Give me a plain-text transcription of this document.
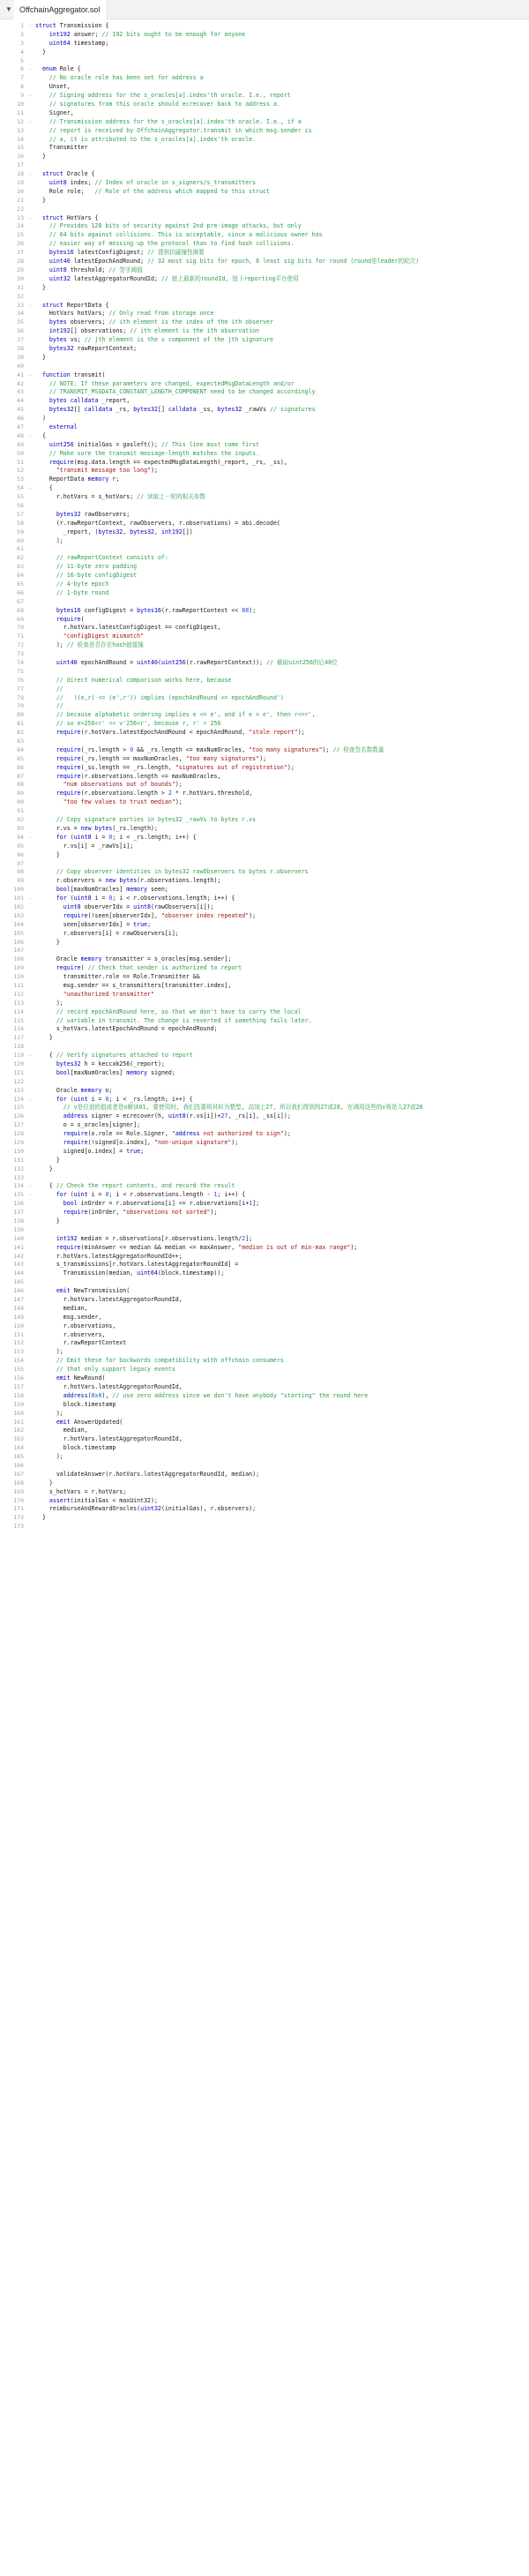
▼ OffchainAggregator.sol
1
2
3
4
5
6
7
8
9
10
11
12
13
14
15
16
17
18
19
20
21
22
23
24
25
26
27
28
29
30
31
32
33
34
35
36
37
38
39
40
41
42
43
44
45
46
47
48
49
50
51
52
53
54
55
56
57
58
59
60
61
62
63
64
65
66
67
68
69
70
71
72
73
74
75
76
77
78
79
80
81
82
83
84
85
86
87
88
89
90
91
92
93
94
95
96
97
98
99
100
101
102
103
104
105
106
107
108
109
110
111
112
113
114
115
116
117
118
119
120
121
122
123
124
125
126
127
128
129
130
131
132
133
134
135
136
137
138
139
140
141
142
143
144
145
146
147
148
149
150
151
152
153
154
155
156
157
158
159
160
161
162
163
164
165
166
167
168
169
170
171
172
173
-
-
-
-
-
-
-
-
-
-
-
-
-
-
-
-
struct Transmission {
int192 answer; // 192 bits ought to be enough for anyone
uint64 timestamp;
}

enum Role {
// No oracle role has been set for address a
Unset,
// Signing address for the s_oracles[a].index'th oracle. I.e., report
// signatures from this oracle should ecrecover back to address a.
Signer,
// Transmission address for the s_oracles[a].index'th oracle. I.e., if a
// report is received by OffchainAggregator.transmit in which msg.sender is
// a, it is attributed to the s_oracles[a].index'th oracle.
Transmitter
}

struct Oracle {
uint8 index; // Index of oracle in s_signers/s_transmitters
Role role;   // Role of the address which mapped to this struct
}

struct HotVars {
// Provides 128 bits of security against 2nd pre-image attacks, but only
// 64 bits against collisions. This is acceptable, since a malicious owner has
// easier way of messing up the protocol than to find hash collisions.
bytes16 latestConfigDigest; // 提供抗碰撞性摘要
uint40 latestEpochAndRound; // 32 most sig bits for epoch, 8 least sig bits for round (round是leader的轮次)
uint8 threshold; // 签字阈值
uint32 latestAggregatorRoundId; // 链上最新的roundId, 链下reporting平台使用
}

struct ReportData {
HotVars hotVars; // Only read from storage once
bytes observers; // ith element is the index of the ith observer
int192[] observations; // ith element is the ith observation
bytes vs; // jth element is the v component of the jth signature
bytes32 rawReportContext;
}

function transmit(
// NOTE: If these parameters are changed, expectedMsgDataLength and/or
// TRANSMIT_MSGDATA_CONSTANT_LENGTH_COMPONENT need to be changed accordingly
bytes calldata _report,
bytes32[] calldata _rs, bytes32[] calldata _ss, bytes32 _rawVs // signatures
)
external
{
uint256 initialGas = gasleft(); // This line must come first
// Make sure the transmit message-length matches the inputs.
require(msg.data.length == expectedMsgDataLength(_report, _rs, _ss),
"transmit message too long");
ReportData memory r;
{
r.hotVars = s_hotVars; // 读取上一轮的相关参数

bytes32 rawObservers;
(r.rawReportContext, rawObservers, r.observations) = abi.decode(
_report, (bytes32, bytes32, int192[])
);

// rawReportContext consists of:
// 11-byte zero padding
// 16-byte configDigest
// 4-byte epoch
// 1-byte round

bytes16 configDigest = bytes16(r.rawReportContext << 88);
require(
r.hotVars.latestConfigDigest == configDigest,
"configDigest mismatch"
); // 检查是否存在hash链接撞

uint40 epochAndRound = uint40(uint256(r.rawReportContext)); // 截取uint256的后40位

// direct numerical comparison works here, because
//
//   ((e,r) <= (e',r')) implies (epochAndRound <= epochAndRound')
//
// because alphabetic ordering implies e <= e', and if e = e', then r<=r',
// so e>256<r' << v'256<r', because r, r' < 256
require(r.hotVars.latestEpochAndRound < epochAndRound, "stale report");

require(_rs.length > 0 && _rs.length <= maxNumOracles, "too many signatures"); // 检查签名数数量
require(_rs.length == maxNumOracles, "too many signatures");
require(_ss.length == _rs.length, "signatures out of registration");
require(r.observations.length <= maxNumOracles,
"num observations out of bounds");
require(r.observations.length > 2 * r.hotVars.threshold,
"too few values to trust median");

// Copy signature parties in bytes32 _rawVs to bytes r.vs
r.vs = new bytes(_rs.length);
for (uint8 i = 0; i < _rs.length; i++) {
r.vs[i] = _rawVs[i];
}

// Copy observer identities in bytes32 rawObservers to bytes r.observers
r.observers = new bytes(r.observations.length);
bool[maxNumOracles] memory seen;
for (uint8 i = 0; i < r.observations.length; i++) {
uint8 observerIdx = uint8(rawObservers[i]);
require(!seen[observerIdx], "observer index repeated");
seen[observerIdx] = true;
r.observers[i] = rawObservers[i];
}

Oracle memory transmitter = s_oracles[msg.sender];
require( // Check that sender is authorized to report
transmitter.role == Role.Transmitter &&
msg.sender == s_transmitters[transmitter.index],
"unauthorized transmitter"
);
// record epochAndRound here, so that we don't have to carry the local
// variable in transmit. The change is reverted if something fails later.
s_hotVars.latestEpochAndRound = epochAndRound;
}

{ // Verify signatures attached to report
bytes32 h = keccak256(_report);
bool[maxNumOracles] memory signed;

Oracle memory o;
for (uint i = 0; i < _rs.length; i++) {
// v是位浪的值或者是o解读01, 要使用时, 我们洗要将其转为整型, 高加上27, 所以我们得到的27或28, 在调用这些的v将是人27或28
address signer = ecrecover(h, uint8(r.vs[i])+27, _rs[i], _ss[i]);
o = s_oracles[signer];
require(o.role == Role.Signer, "address not authorized to sign");
require(!signed[o.index], "non-unique signature");
signed[o.index] = true;
}
}

{ // Check the report contents, and record the result
for (uint i = 0; i < r.observations.length - 1; i++) {
bool inOrder = r.observations[i] <= r.observations[i+1];
require(inOrder, "observations not sorted");
}

int192 median = r.observations[r.observations.length/2];
require(minAnswer <= median && median <= maxAnswer, "median is out of min-max range");
r.hotVars.latestAggregatorRoundId++;
s_transmissions[r.hotVars.latestAggregatorRoundId] =
Transmission(median, uint64(block.timestamp));

emit NewTransmission(
r.hotVars.latestAggregatorRoundId,
median,
msg.sender,
r.observations,
r.observers,
r.rawReportContext
);
// Emit these for backwards compatibility with offchain consumers
// that only support legacy events
emit NewRound(
r.hotVars.latestAggregatorRoundId,
address(0x0), // use zero address since we don't have anybody "starting" the round here
block.timestamp
);
emit AnswerUpdated(
median,
r.hotVars.latestAggregatorRoundId,
block.timestamp
);

validateAnswer(r.hotVars.latestAggregatorRoundId, median);
}
s_hotVars = r.hotVars;
assert(initialGas < maxUint32);
reimburseAndRewardOracles(uint32(initialGas), r.observers);
}
